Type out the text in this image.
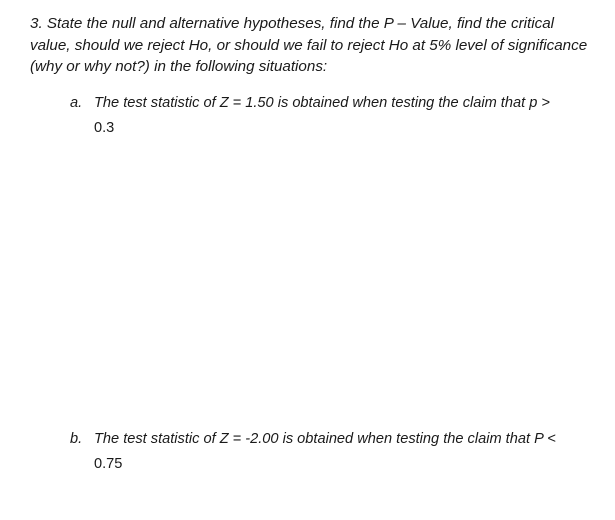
3. State the null and alternative hypotheses, find the P – Value, find the critical
value, should we reject Ho, or should we fail to reject Ho at 5% level of significance
(why or why not?) in the following situations:
a. The test statistic of Z = 1.50 is obtained when testing the claim that p >
0.3
b. The test statistic of Z = -2.00 is obtained when testing the claim that P <
0.75
